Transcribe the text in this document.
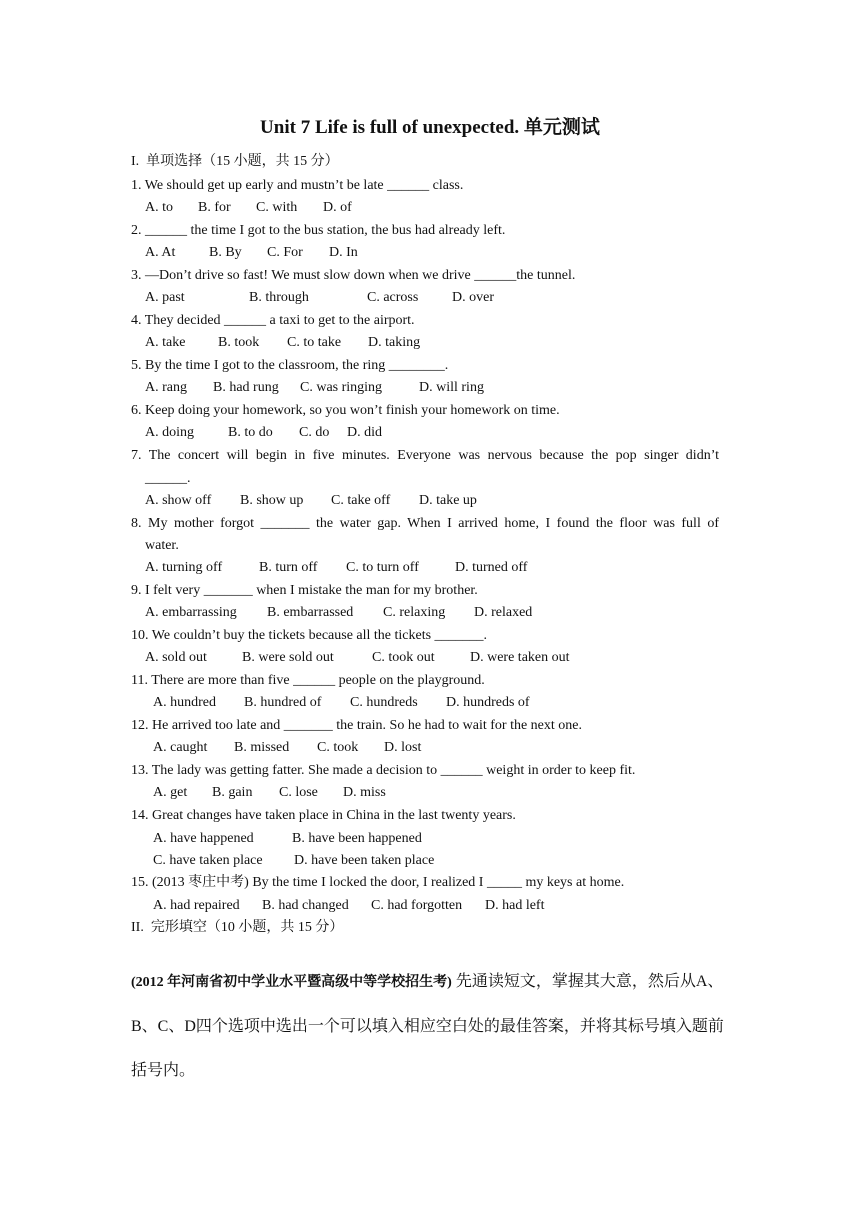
Unit 7 Life is full of unexpected. 单元测试
I.  单项选择（15 小题，共 15 分）
1. We should get up early and mustn’t be late ______ class.
A. to B. for C. with D. of
2. ______ the time I got to the bus station, the bus had already left.
A. At B. By C. For D. In
3. —Don’t drive so fast! We must slow down when we drive ______the tunnel.
A. past	B. through	C. across D. over
4. They decided ______ a taxi to get to the airport.
A. take B. took C. to take D. taking
5. By the time I got to the classroom, the ring ________.
A. rang B. had rung C. was ringing	D. will ring
6. Keep doing your homework, so you won’t finish your homework on time.
A. doing B. to do C. do D. did
7. The concert will begin in five minutes. Everyone was nervous because the pop singer didn’t
______.
A. show off B. show up C. take off D. take up
8. My mother forgot _______ the water gap. When I arrived home, I found the floor was full of
water.
A. turning off	B. turn off C. to turn off	D. turned off
9. I felt very _______ when I mistake the man for my brother.
A. embarrassing B. embarrassed C. relaxing D. relaxed
10. We couldn’t buy the tickets because all the tickets _______.
A. sold out	B. were sold out	C. took out	D. were taken out
11. There are more than five ______ people on the playground.
A. hundred B. hundred of C. hundreds D. hundreds of
12. He arrived too late and _______ the train. So he had to wait for the next one.
A. caught B. missed C. took D. lost
13. The lady was getting fatter. She made a decision to ______ weight in order to keep fit.
A. get B. gain C. lose D. miss
14. Great changes have taken place in China in the last twenty years.
A. have happened	B. have been happened
C. have taken place D. have been taken place
15. (2013 枣庄中考) By the time I locked the door, I realized I _____ my keys at home.
A. had repaired B. had changed C. had forgotten D. had left
II.  完形填空（10 小题，共 15 分）
(2012 年河南省初中学业水平暨高级中等学校招生考) 先通读短文，掌握其大意，然后从A、B、C、D四个选项中选出一个可以填入相应空白处的最佳答案，并将其标号填入题前括号内。
